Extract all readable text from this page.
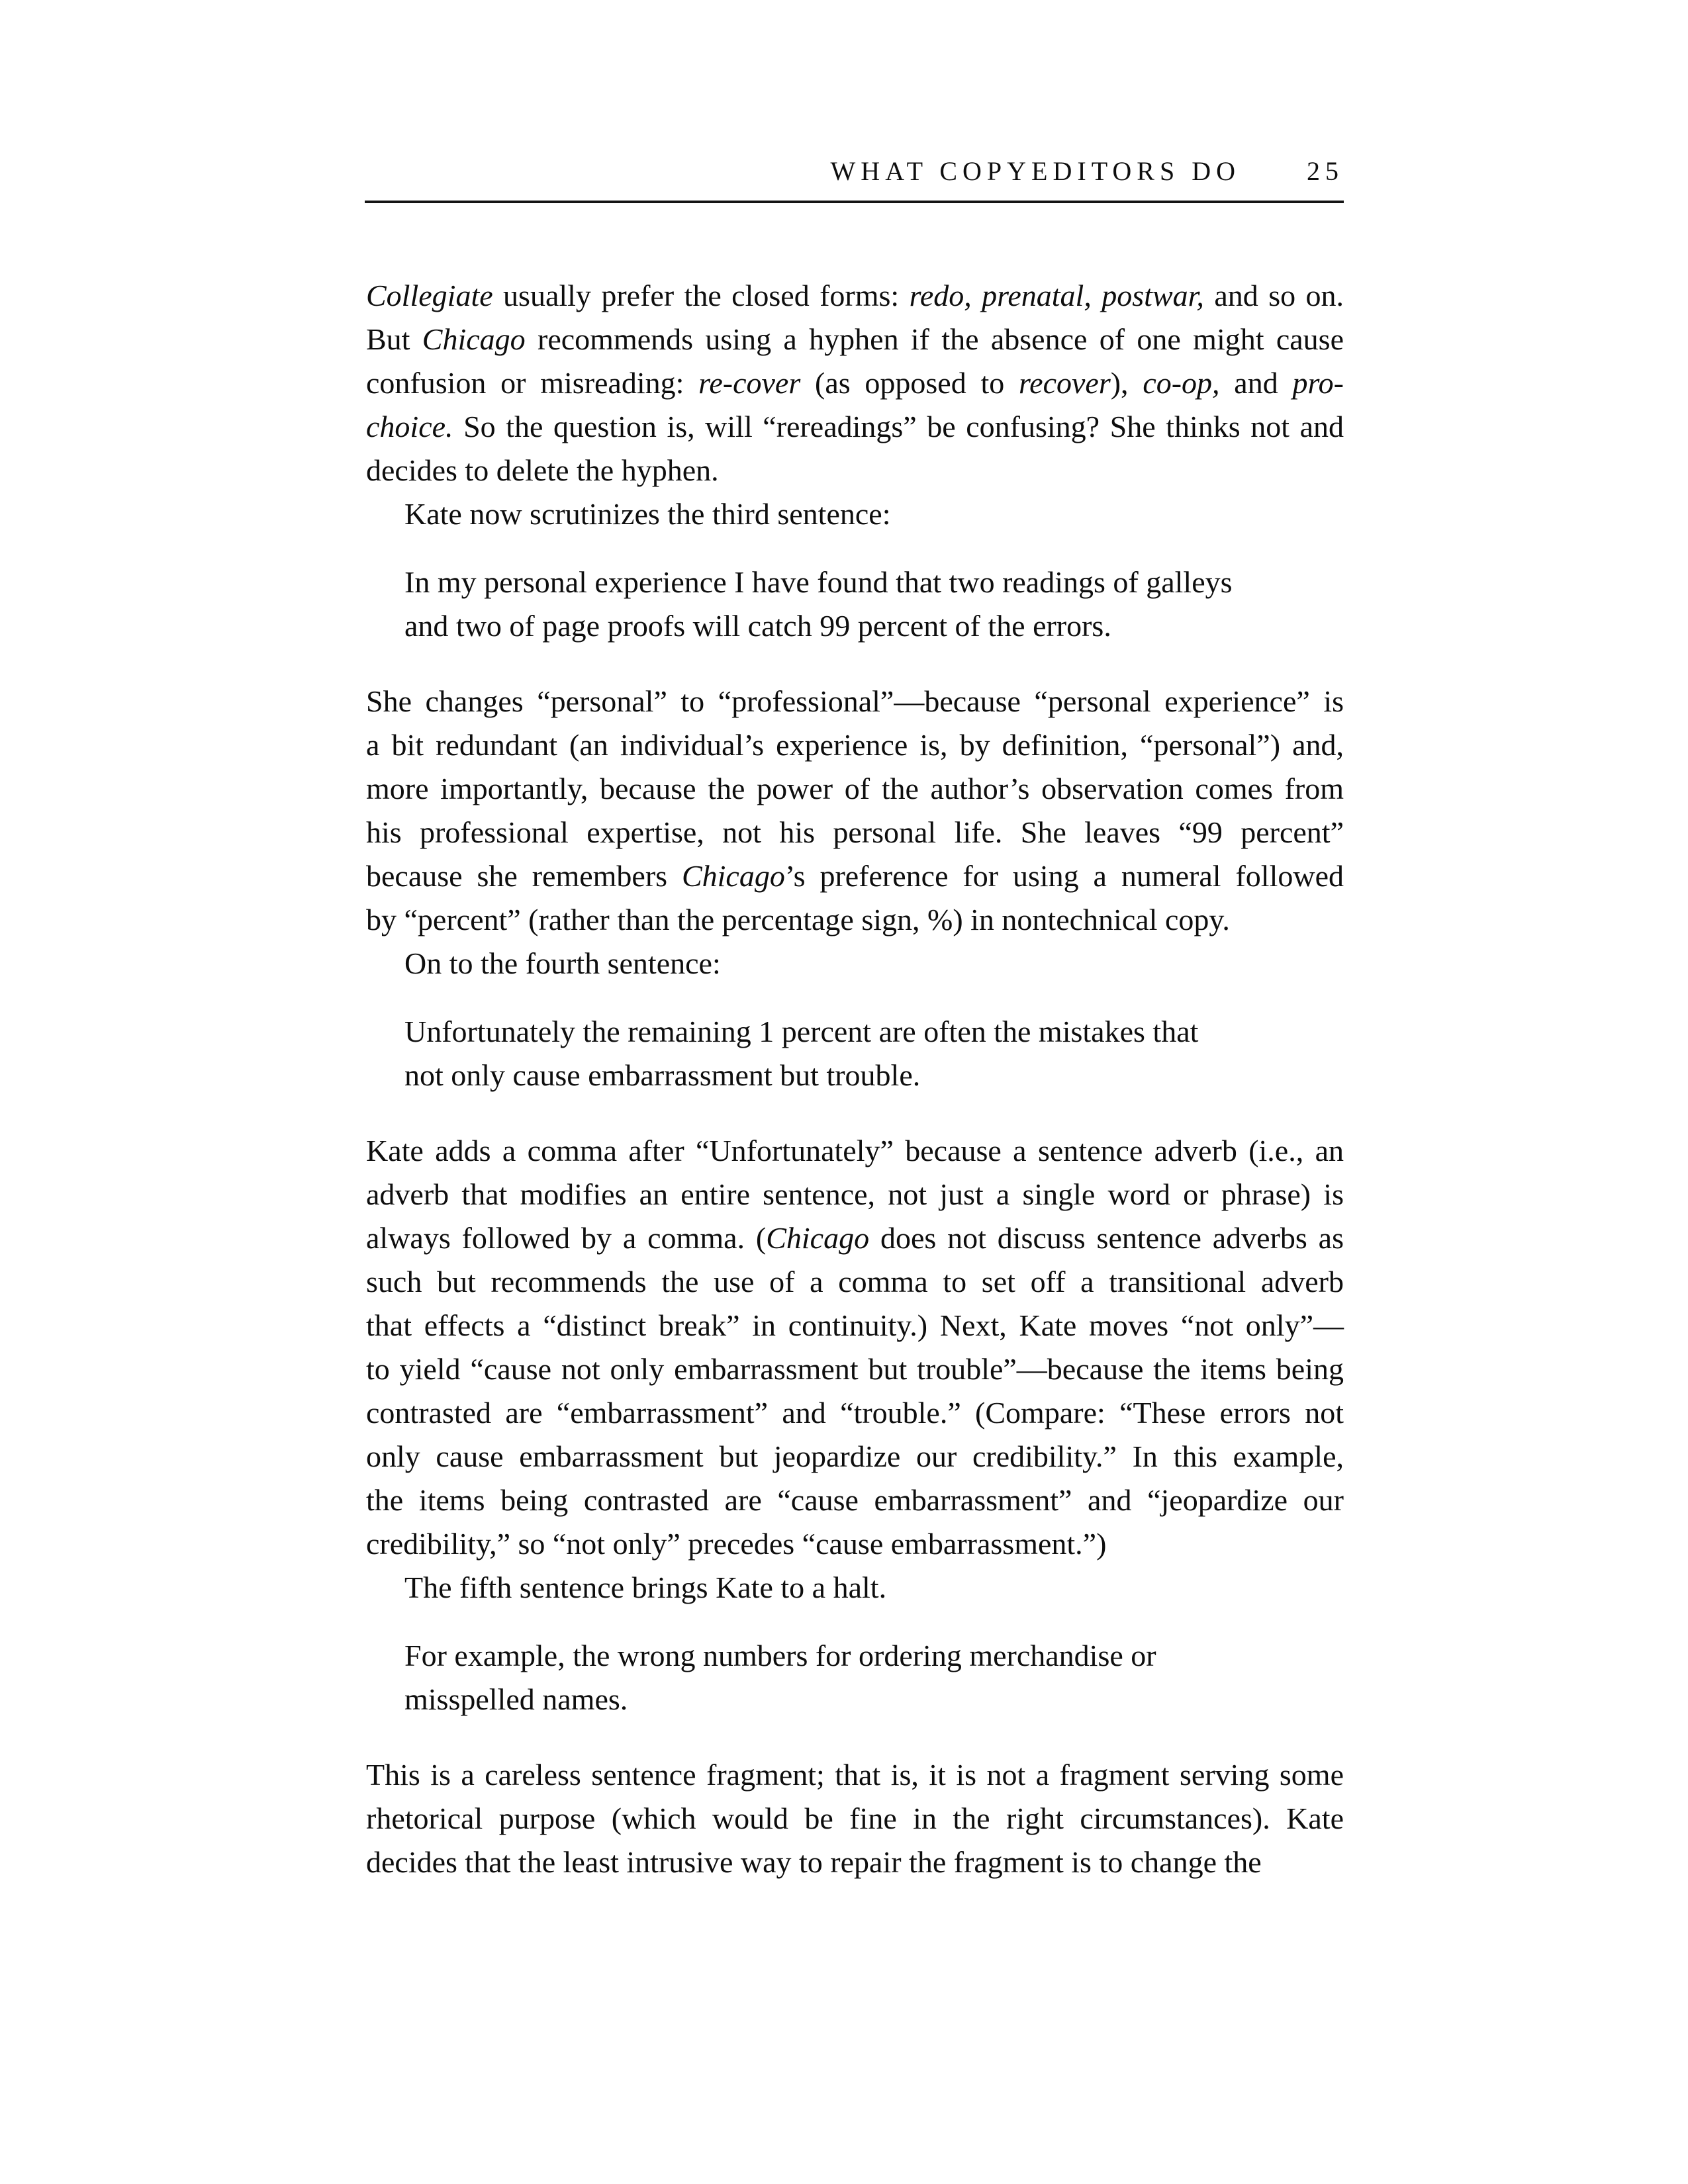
WHAT COPYEDITORS DO	25
Collegiate usually prefer the closed forms: redo, prenatal, postwar, and so on.
But Chicago recommends using a hyphen if the absence of one might cause
confusion or misreading: re-cover (as opposed to recover), co-op, and pro-
choice. So the question is, will “rereadings” be confusing? She thinks not and
decides to delete the hyphen.
Kate now scrutinizes the third sentence:
In my personal experience I have found that two readings of galleys
and two of page proofs will catch 99 percent of the errors.
She changes “personal” to “professional”—because “personal experience” is
a bit redundant (an individual’s experience is, by definition, “personal”) and,
more importantly, because the power of the author’s observation comes from
his professional expertise, not his personal life. She leaves “99 percent”
because she remembers Chicago’s preference for using a numeral followed
by “percent” (rather than the percentage sign, %) in nontechnical copy.
On to the fourth sentence:
Unfortunately the remaining 1 percent are often the mistakes that
not only cause embarrassment but trouble.
Kate adds a comma after “Unfortunately” because a sentence adverb (i.e., an
adverb that modifies an entire sentence, not just a single word or phrase) is
always followed by a comma. (Chicago does not discuss sentence adverbs as
such but recommends the use of a comma to set off a transitional adverb
that effects a “distinct break” in continuity.) Next, Kate moves “not only”—
to yield “cause not only embarrassment but trouble”—because the items being
contrasted are “embarrassment” and “trouble.” (Compare: “These errors not
only cause embarrassment but jeopardize our credibility.” In this example,
the items being contrasted are “cause embarrassment” and “jeopardize our
credibility,” so “not only” precedes “cause embarrassment.”)
The fifth sentence brings Kate to a halt.
For example, the wrong numbers for ordering merchandise or
misspelled names.
This is a careless sentence fragment; that is, it is not a fragment serving some
rhetorical purpose (which would be fine in the right circumstances). Kate
decides that the least intrusive way to repair the fragment is to change the
